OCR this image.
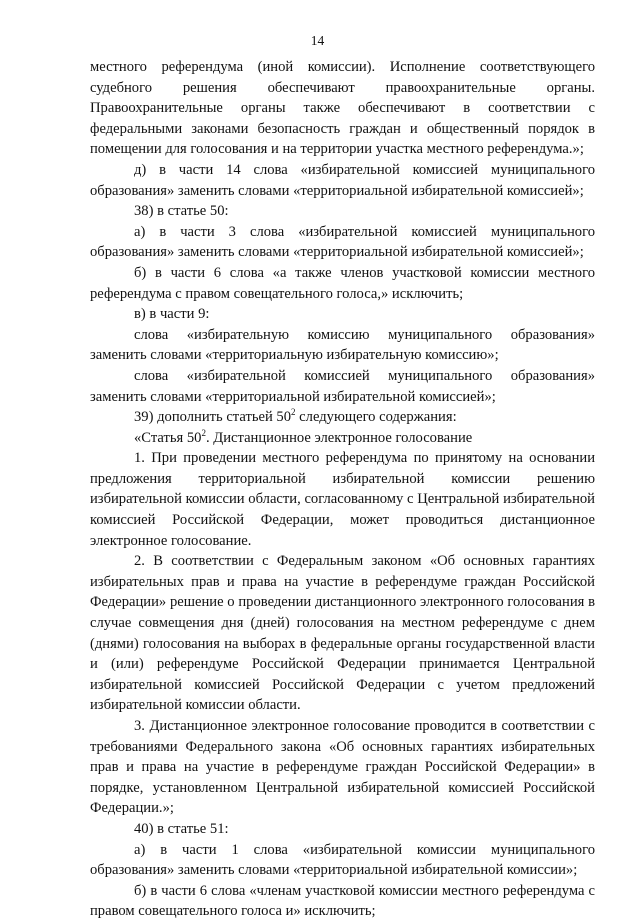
14

местного референдума (иной комиссии). Исполнение соответствующего судебного решения обеспечивают правоохранительные органы. Правоохранительные органы также обеспечивают в соответствии с федеральными законами безопасность граждан и общественный порядок в помещении для голосования и на территории участка местного референдума.»;

д) в части 14 слова «избирательной комиссией муниципального образования» заменить словами «территориальной избирательной комиссией»;

38) в статье 50:

а) в части 3 слова «избирательной комиссией муниципального образования» заменить словами «территориальной избирательной комиссией»;

б) в части 6 слова «а также членов участковой комиссии местного референдума с правом совещательного голоса,» исключить;

в) в части 9:

слова «избирательную комиссию муниципального образования» заменить словами «территориальную избирательную комиссию»;

слова «избирательной комиссией муниципального образования» заменить словами «территориальной избирательной комиссией»;

39) дополнить статьей $50^2$ следующего содержания:

«Статья $50^2$. Дистанционное электронное голосование

1. При проведении местного референдума по принятому на основании предложения территориальной избирательной комиссии решению избирательной комиссии области, согласованному с Центральной избирательной комиссией Российской Федерации, может проводиться дистанционное электронное голосование.

2. В соответствии с Федеральным законом «Об основных гарантиях избирательных прав и права на участие в референдуме граждан Российской Федерации» решение о проведении дистанционного электронного голосования в случае совмещения дня (дней) голосования на местном референдуме с днем (днями) голосования на выборах в федеральные органы государственной власти и (или) референдуме Российской Федерации принимается Центральной избирательной комиссией Российской Федерации с учетом предложений избирательной комиссии области.

3. Дистанционное электронное голосование проводится в соответствии с требованиями Федерального закона «Об основных гарантиях избирательных прав и права на участие в референдуме граждан Российской Федерации» в порядке, установленном Центральной избирательной комиссией Российской Федерации.»;

40) в статье 51:

а) в части 1 слова «избирательной комиссии муниципального образования» заменить словами «территориальной избирательной комиссии»;

б) в части 6 слова «членам участковой комиссии местного референдума с правом совещательного голоса и» исключить;
